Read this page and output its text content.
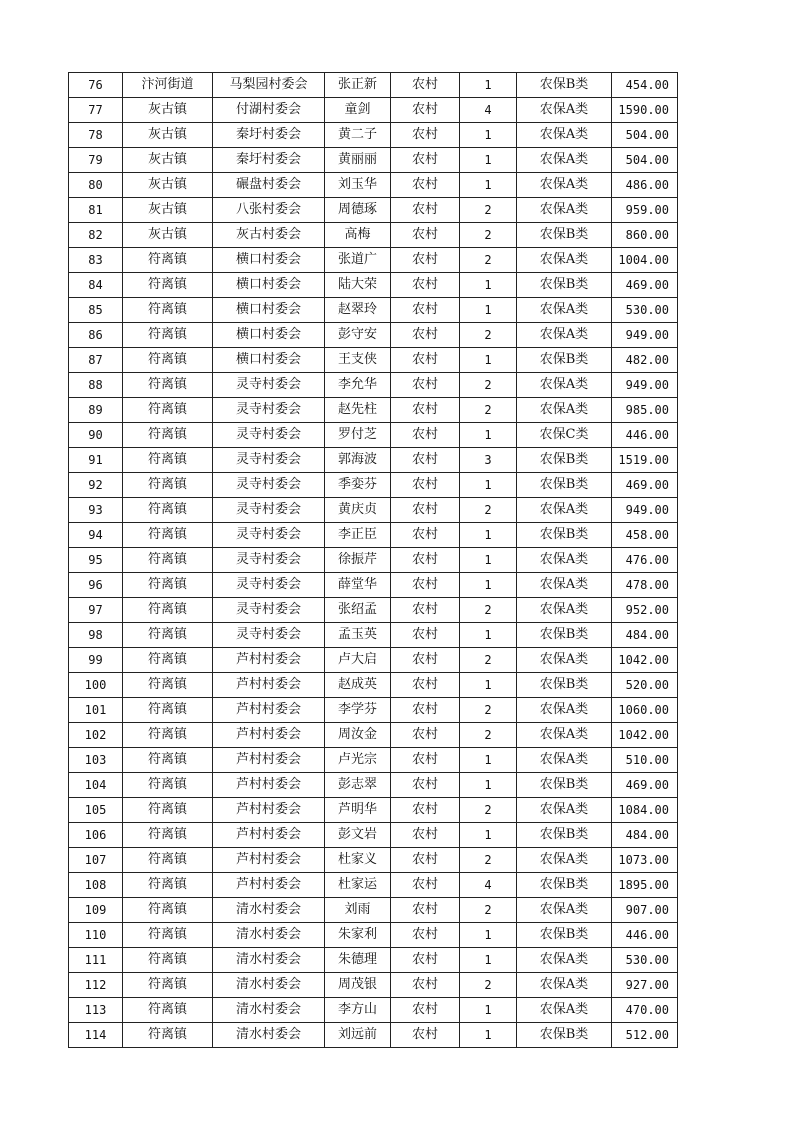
76	汴河街道	马梨园村委会	张正新	农村	1	农保B类	454.00
77	灰古镇	付湖村委会	童剑	农村	4	农保A类	1590.00
78	灰古镇	秦圩村委会	黄二子	农村	1	农保A类	504.00
79	灰古镇	秦圩村委会	黄丽丽	农村	1	农保A类	504.00
80	灰古镇	碾盘村委会	刘玉华	农村	1	农保A类	486.00
81	灰古镇	八张村委会	周德琢	农村	2	农保A类	959.00
82	灰古镇	灰古村委会	高梅	农村	2	农保B类	860.00
83	符离镇	横口村委会	张道广	农村	2	农保A类	1004.00
84	符离镇	横口村委会	陆大荣	农村	1	农保B类	469.00
85	符离镇	横口村委会	赵翠玲	农村	1	农保A类	530.00
86	符离镇	横口村委会	彭守安	农村	2	农保A类	949.00
87	符离镇	横口村委会	王支侠	农村	1	农保B类	482.00
88	符离镇	灵寺村委会	李允华	农村	2	农保A类	949.00
89	符离镇	灵寺村委会	赵先柱	农村	2	农保A类	985.00
90	符离镇	灵寺村委会	罗付芝	农村	1	农保C类	446.00
91	符离镇	灵寺村委会	郭海波	农村	3	农保B类	1519.00
92	符离镇	灵寺村委会	季娈芬	农村	1	农保B类	469.00
93	符离镇	灵寺村委会	黄庆贞	农村	2	农保A类	949.00
94	符离镇	灵寺村委会	李正臣	农村	1	农保B类	458.00
95	符离镇	灵寺村委会	徐振芹	农村	1	农保A类	476.00
96	符离镇	灵寺村委会	薛堂华	农村	1	农保A类	478.00
97	符离镇	灵寺村委会	张绍孟	农村	2	农保A类	952.00
98	符离镇	灵寺村委会	孟玉英	农村	1	农保B类	484.00
99	符离镇	芦村村委会	卢大启	农村	2	农保A类	1042.00
100	符离镇	芦村村委会	赵成英	农村	1	农保B类	520.00
101	符离镇	芦村村委会	李学芬	农村	2	农保A类	1060.00
102	符离镇	芦村村委会	周汝金	农村	2	农保A类	1042.00
103	符离镇	芦村村委会	卢光宗	农村	1	农保A类	510.00
104	符离镇	芦村村委会	彭志翠	农村	1	农保B类	469.00
105	符离镇	芦村村委会	芦明华	农村	2	农保A类	1084.00
106	符离镇	芦村村委会	彭文岩	农村	1	农保B类	484.00
107	符离镇	芦村村委会	杜家义	农村	2	农保A类	1073.00
108	符离镇	芦村村委会	杜家运	农村	4	农保B类	1895.00
109	符离镇	清水村委会	刘雨	农村	2	农保A类	907.00
110	符离镇	清水村委会	朱家利	农村	1	农保B类	446.00
111	符离镇	清水村委会	朱德理	农村	1	农保A类	530.00
112	符离镇	清水村委会	周茂银	农村	2	农保A类	927.00
113	符离镇	清水村委会	李方山	农村	1	农保A类	470.00
114	符离镇	清水村委会	刘远前	农村	1	农保B类	512.00
